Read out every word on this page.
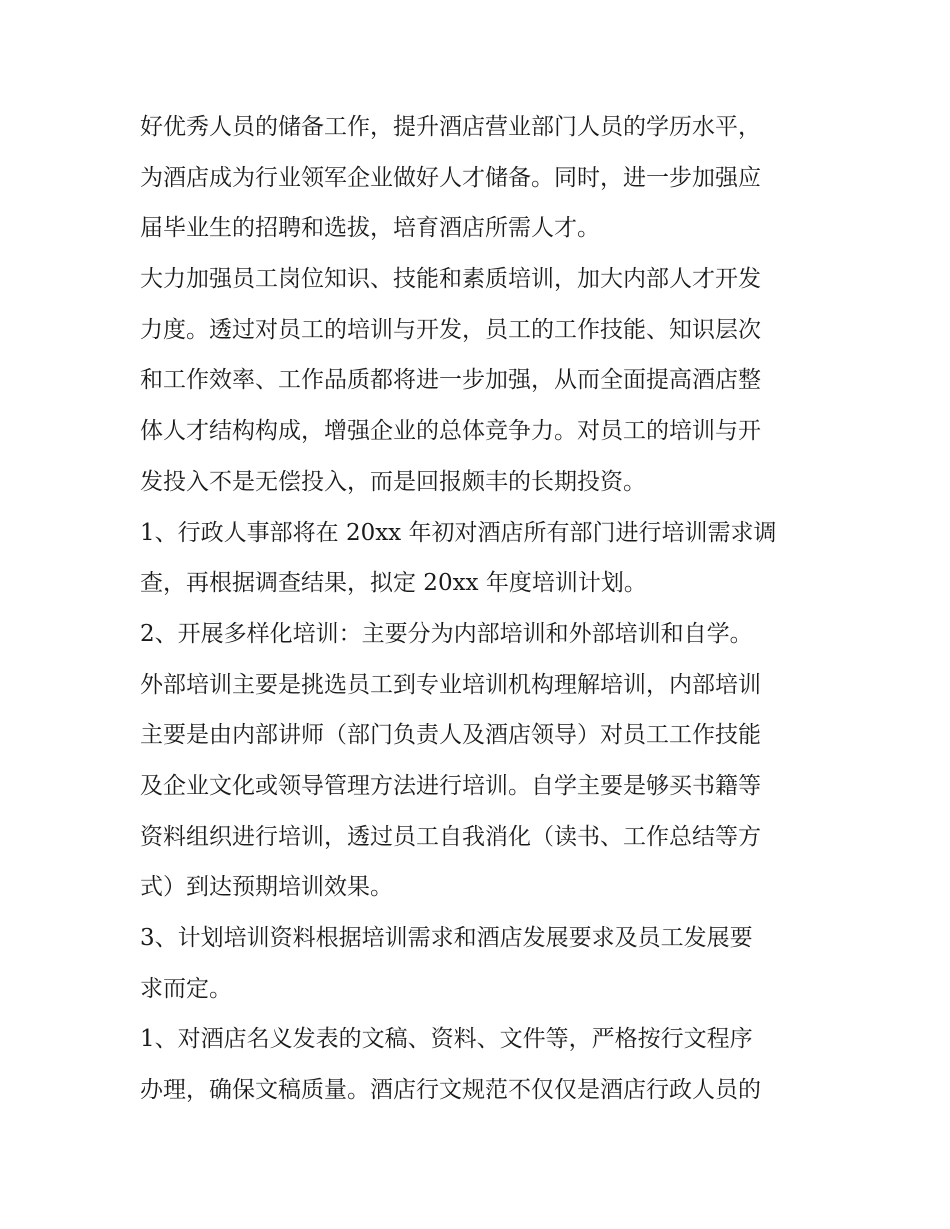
好优秀人员的储备工作，提升酒店营业部门人员的学历水平，
为酒店成为行业领军企业做好人才储备。同时，进一步加强应
届毕业生的招聘和选拔，培育酒店所需人才。
大力加强员工岗位知识、技能和素质培训，加大内部人才开发
力度。透过对员工的培训与开发，员工的工作技能、知识层次
和工作效率、工作品质都将进一步加强，从而全面提高酒店整
体人才结构构成，增强企业的总体竞争力。对员工的培训与开
发投入不是无偿投入，而是回报颇丰的长期投资。
1、行政人事部将在 20xx 年初对酒店所有部门进行培训需求调
查，再根据调查结果，拟定 20xx 年度培训计划。
2、开展多样化培训：主要分为内部培训和外部培训和自学。
外部培训主要是挑选员工到专业培训机构理解培训，内部培训
主要是由内部讲师（部门负责人及酒店领导）对员工工作技能
及企业文化或领导管理方法进行培训。自学主要是够买书籍等
资料组织进行培训，透过员工自我消化（读书、工作总结等方
式）到达预期培训效果。
3、计划培训资料根据培训需求和酒店发展要求及员工发展要
求而定。
1、对酒店名义发表的文稿、资料、文件等，严格按行文程序
办理，确保文稿质量。酒店行文规范不仅仅是酒店行政人员的
